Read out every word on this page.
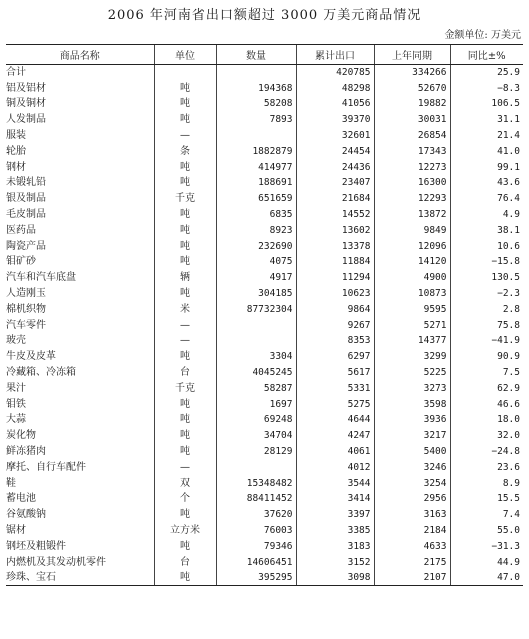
2006 年河南省出口额超过 3000 万美元商品情况
金额单位: 万美元
商品名称	单位	数量	累计出口	上年同期	同比±%
合计			420785	334266	25.9
铝及铝材	吨	194368	48298	52670	−8.3
铜及铜材	吨	58208	41056	19882	106.5
人发制品	吨	7893	39370	30031	31.1
服装	—		32601	26854	21.4
轮胎	条	1882879	24454	17343	41.0
钢材	吨	414977	24436	12273	99.1
未锻轧铅	吨	188691	23407	16300	43.6
银及制品	千克	651659	21684	12293	76.4
毛皮制品	吨	6835	14552	13872	4.9
医药品	吨	8923	13602	9849	38.1
陶瓷产品	吨	232690	13378	12096	10.6
钼矿砂	吨	4075	11884	14120	−15.8
汽车和汽车底盘	辆	4917	11294	4900	130.5
人造刚玉	吨	304185	10623	10873	−2.3
棉机织物	米	87732304	9864	9595	2.8
汽车零件	—		9267	5271	75.8
玻壳	—		8353	14377	−41.9
牛皮及皮革	吨	3304	6297	3299	90.9
冷藏箱、冷冻箱	台	4045245	5617	5225	7.5
果汁	千克	58287	5331	3273	62.9
钼铁	吨	1697	5275	3598	46.6
大蒜	吨	69248	4644	3936	18.0
炭化物	吨	34704	4247	3217	32.0
鲜冻猪肉	吨	28129	4061	5400	−24.8
摩托、自行车配件	—		4012	3246	23.6
鞋	双	15348482	3544	3254	8.9
蓄电池	个	88411452	3414	2956	15.5
谷氨酸钠	吨	37620	3397	3163	7.4
锯材	立方米	76003	3385	2184	55.0
钢坯及粗锻件	吨	79346	3183	4633	−31.3
内燃机及其发动机零件	台	14606451	3152	2175	44.9
珍珠、宝石	吨	395295	3098	2107	47.0
